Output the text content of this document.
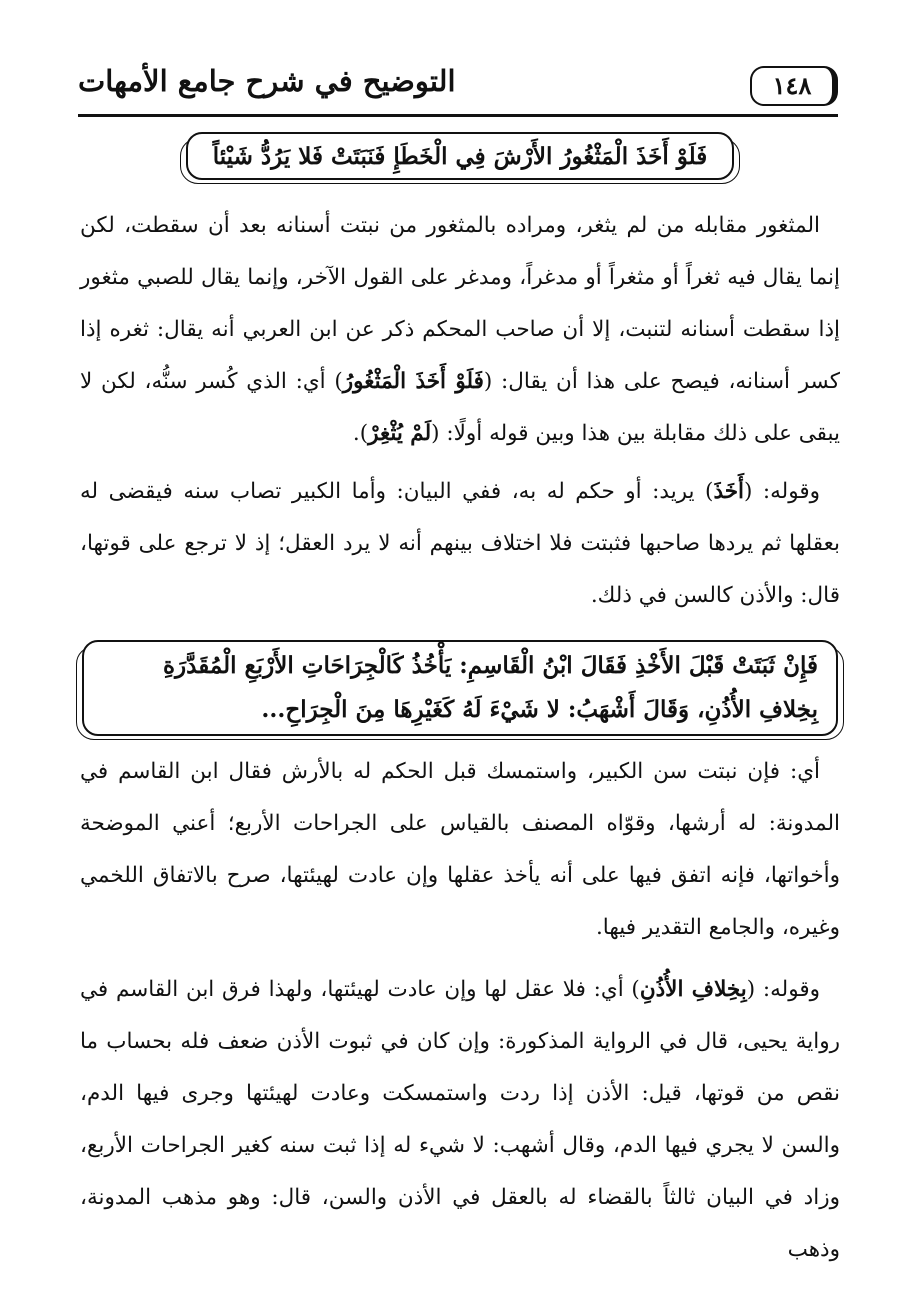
١٤٨
التوضيح في شرح جامع الأمهات
فَلَوْ أَخَذَ الْمَثْغُورُ الأَرْشَ فِي الْخَطَإِ فَنَبَتَتْ فَلا يَرُدُّ شَيْئاً
المثغور مقابله من لم يثغر، ومراده بالمثغور من نبتت أسنانه بعد أن سقطت، لكن إنما يقال فيه ثغراً أو مثغراً أو مدغراً، ومدغر على القول الآخر، وإنما يقال للصبي مثغور إذا سقطت أسنانه لتنبت، إلا أن صاحب المحكم ذكر عن ابن العربي أنه يقال: ثغره إذا كسر أسنانه، فيصح على هذا أن يقال: (فَلَوْ أَخَذَ الْمَثْغُورُ) أي: الذي كُسر سنُّه، لكن لا يبقى على ذلك مقابلة بين هذا وبين قوله أولًا: (لَمْ يُثْغِرْ).
وقوله: (أَخَذَ) يريد: أو حكم له به، ففي البيان: وأما الكبير تصاب سنه فيقضى له بعقلها ثم يردها صاحبها فثبتت فلا اختلاف بينهم أنه لا يرد العقل؛ إذ لا ترجع على قوتها، قال: والأذن كالسن في ذلك.
فَإِنْ ثَبَتَتْ قَبْلَ الأَخْذِ فَقَالَ ابْنُ الْقَاسِمِ: يَأْخُذُ كَالْجِرَاحَاتِ الأَرْبَعِ الْمُقَدَّرَةِ
بِخِلافِ الأُذُنِ، وَقَالَ أَشْهَبُ: لا شَيْءَ لَهُ كَغَيْرِهَا مِنَ الْجِرَاحِ...
أي: فإن نبتت سن الكبير، واستمسك قبل الحكم له بالأرش فقال ابن القاسم في المدونة: له أرشها، وقوّاه المصنف بالقياس على الجراحات الأربع؛ أعني الموضحة وأخواتها، فإنه اتفق فيها على أنه يأخذ عقلها وإن عادت لهيئتها، صرح بالاتفاق اللخمي وغيره، والجامع التقدير فيها.
وقوله: (بِخِلافِ الأُذُنِ) أي: فلا عقل لها وإن عادت لهيئتها، ولهذا فرق ابن القاسم في رواية يحيى، قال في الرواية المذكورة: وإن كان في ثبوت الأذن ضعف فله بحساب ما نقص من قوتها، قيل: الأذن إذا ردت واستمسكت وعادت لهيئتها وجرى فيها الدم، والسن لا يجري فيها الدم، وقال أشهب: لا شيء له إذا ثبت سنه كغير الجراحات الأربع، وزاد في البيان ثالثاً بالقضاء له بالعقل في الأذن والسن، قال: وهو مذهب المدونة، وذهب
